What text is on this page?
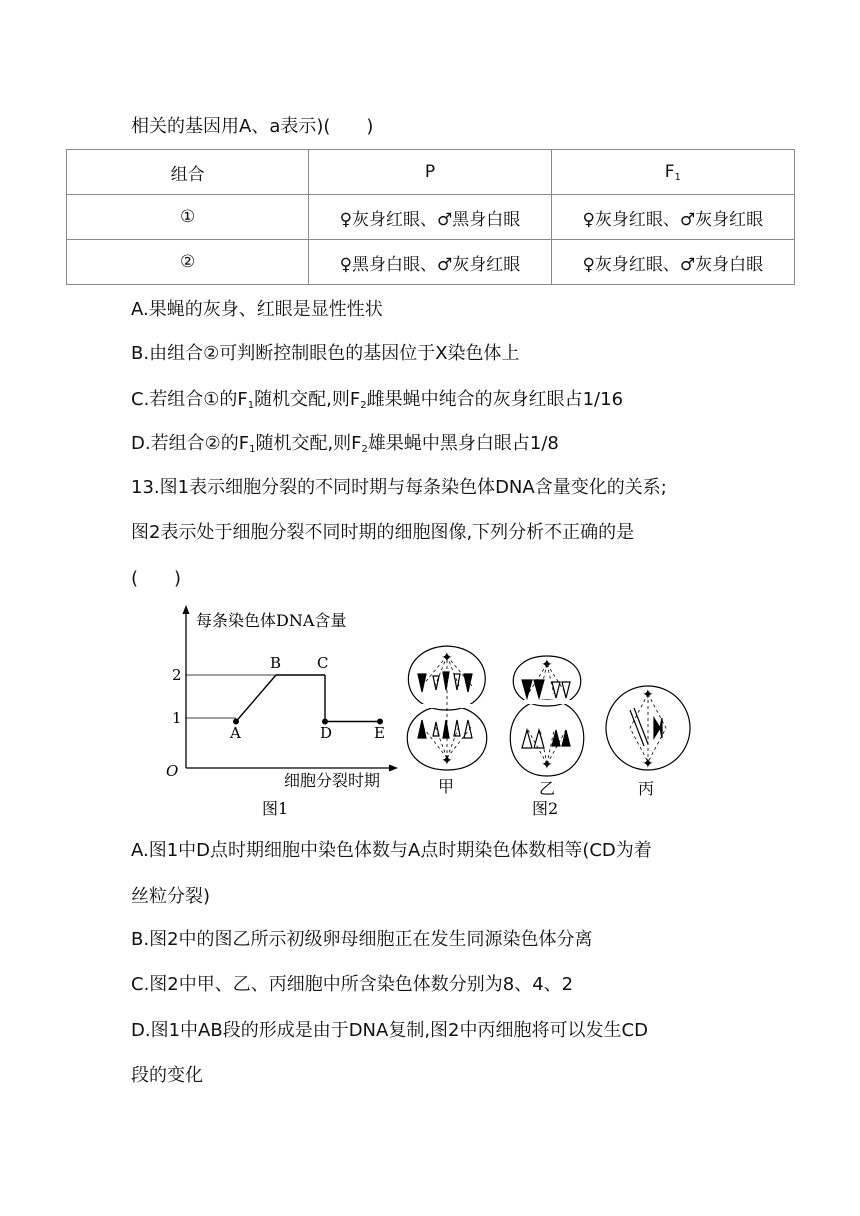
相关的基因用A、a表示)(　　)
组合	P	$F_1$
①	♀灰身红眼、♂黑身白眼	♀灰身红眼、♂灰身红眼
②	♀黑身白眼、♂灰身红眼	♀灰身红眼、♂灰身白眼
A.果蝇的灰身、红眼是显性性状
B.由组合②可判断控制眼色的基因位于X染色体上
C.若组合①的$F_1$随机交配,则$F_2$雌果蝇中纯合的灰身红眼占1/16
D.若组合②的$F_1$随机交配,则$F_2$雄果蝇中黑身白眼占1/8
13.图1表示细胞分裂的不同时期与每条染色体DNA含量变化的关系;
图2表示处于细胞分裂不同时期的细胞图像,下列分析不正确的是
(　　)
每条染色体DNA含量
细胞分裂时期
O
2
1
B C
A	D	E
图1
✦
✦
甲
✦
✦
乙
图2
✦
✦
丙
A.图1中D点时期细胞中染色体数与A点时期染色体数相等(CD为着
丝粒分裂)
B.图2中的图乙所示初级卵母细胞正在发生同源染色体分离
C.图2中甲、乙、丙细胞中所含染色体数分别为8、4、2
D.图1中AB段的形成是由于DNA复制,图2中丙细胞将可以发生CD
段的变化
